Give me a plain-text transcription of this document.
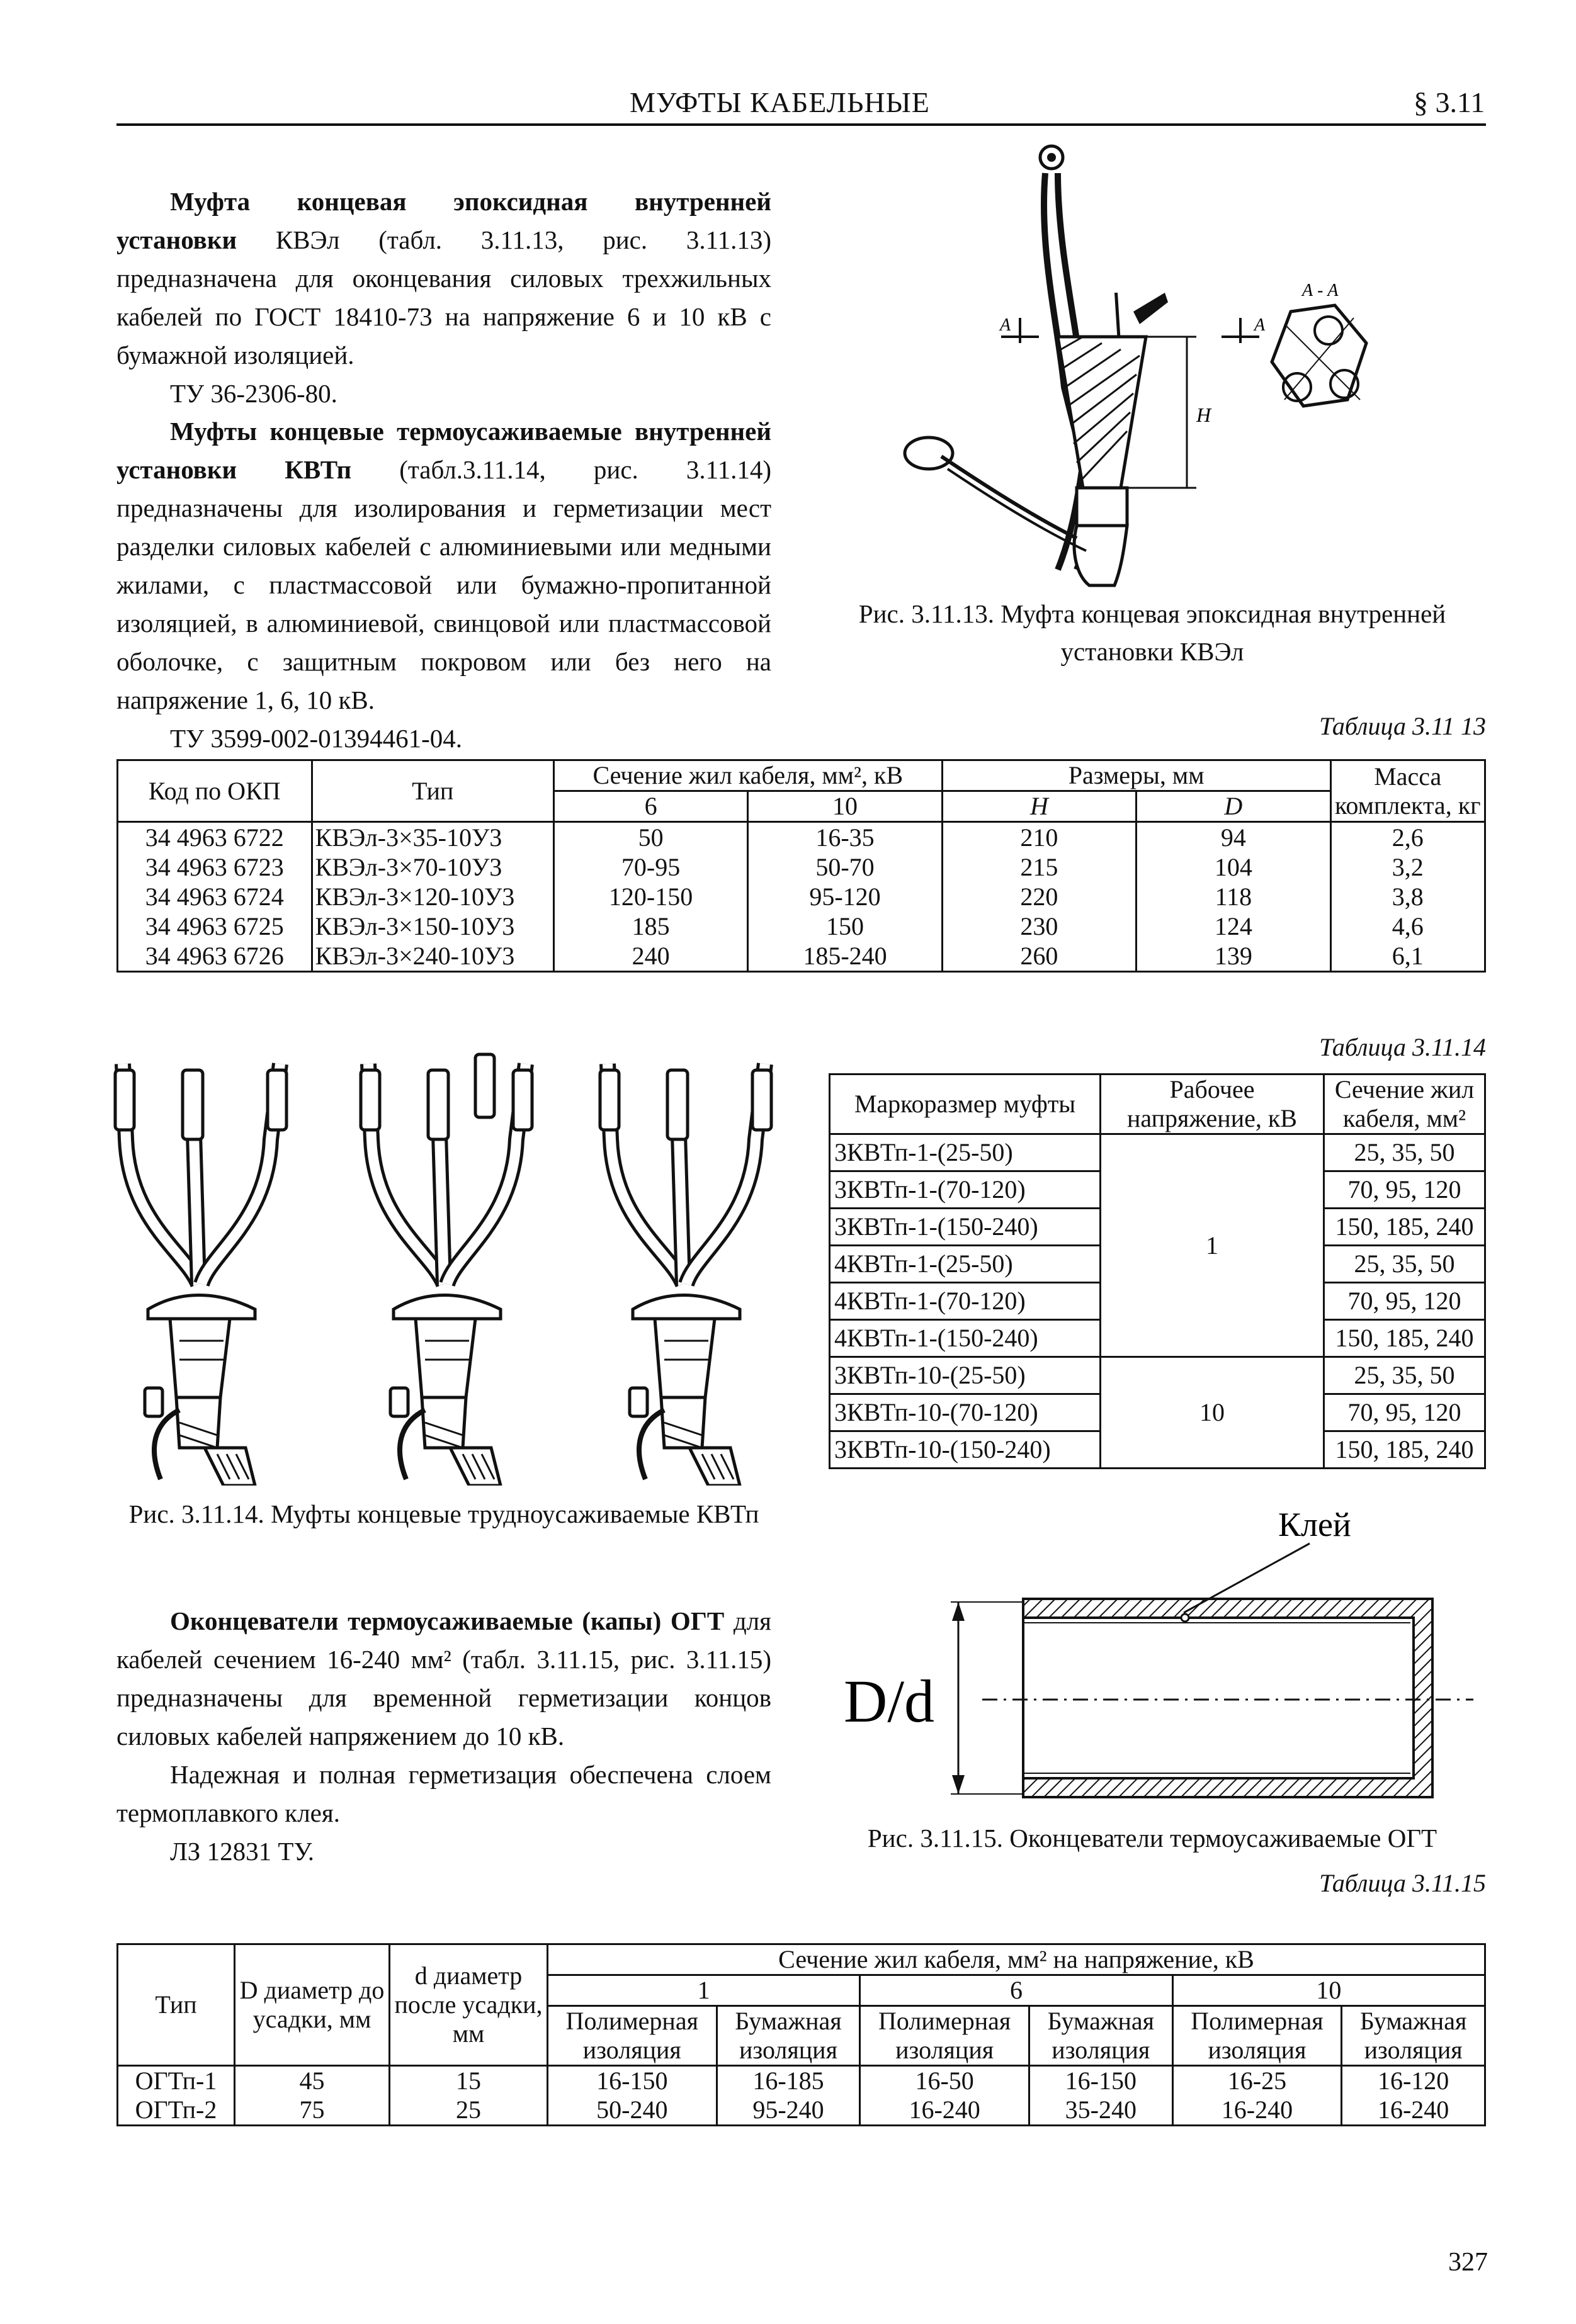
МУФТЫ КАБЕЛЬНЫЕ	§ 3.11
Муфта концевая эпоксидная внутренней установки КВЭл (табл. 3.11.13, рис. 3.11.13) предназначена для оконцевания силовых трехжильных кабелей по ГОСТ 18410-73 на напряжение 6 и 10 кВ с бумажной изоляцией.
ТУ 36-2306-80.
Муфты концевые термоусаживаемые внутренней установки КВТп (табл.3.11.14, рис. 3.11.14) предназначены для изолирования и герметизации мест разделки силовых кабелей с алюминиевыми или медными жилами, с пластмассовой или бумажно-пропитанной изоляцией, в алюминиевой, свинцовой или пластмассовой оболочке, с защитным покровом или без него на напряжение 1, 6, 10 кВ.
ТУ 3599-002-01394461-04.
А	А
Н
А - А
Рис. 3.11.13. Муфта концевая эпоксидная внутренней установки КВЭл
Таблица 3.11 13
Код по ОКП	Тип	Сечение жил кабеля, мм², кВ		Размеры, мм		Масса комплекта, кг
		6	10	Н	D	
34 4963 6722	КВЭл-3×35-10У3	50	16-35	210	94	2,6
34 4963 6723	КВЭл-3×70-10У3	70-95	50-70	215	104	3,2
34 4963 6724	КВЭл-3×120-10У3	120-150	95-120	220	118	3,8
34 4963 6725	КВЭл-3×150-10У3	185	150	230	124	4,6
34 4963 6726	КВЭл-3×240-10У3	240	185-240	260	139	6,1
Рис. 3.11.14. Муфты концевые трудноусаживаемые КВТп
Таблица 3.11.14
Маркоразмер муфты	Рабочее напряжение, кВ	Сечение жил кабеля, мм²
3КВТп-1-(25-50)	1	25, 35, 50
3КВТп-1-(70-120)		70, 95, 120
3КВТп-1-(150-240)		150, 185, 240
4КВТп-1-(25-50)		25, 35, 50
4КВТп-1-(70-120)		70, 95, 120
4КВТп-1-(150-240)		150, 185, 240
3КВТп-10-(25-50)	10	25, 35, 50
3КВТп-10-(70-120)		70, 95, 120
3КВТп-10-(150-240)		150, 185, 240
Оконцеватели термоусаживаемые (капы) ОГТ для кабелей сечением 16-240 мм² (табл. 3.11.15, рис. 3.11.15) предназначены для временной герметизации концов силовых кабелей напряжением до 10 кВ.
Надежная и полная герметизация обеспечена слоем термоплавкого клея.
ЛЗ 12831 ТУ.
Клей
D/d
Рис. 3.11.15. Оконцеватели термоусаживаемые ОГТ
Таблица 3.11.15
Тип	D диаметр до усадки, мм	d диаметр после усадки, мм	Сечение жил кабеля, мм² на напряжение, кВ					
			1		6		10	
			Полимерная изоляция	Бумажная изоляция	Полимерная изоляция	Бумажная изоляция	Полимерная изоляция	Бумажная изоляция
ОГТп-1	45	15	16-150	16-185	16-50	16-150	16-25	16-120
ОГТп-2	75	25	50-240	95-240	16-240	35-240	16-240	16-240
327
